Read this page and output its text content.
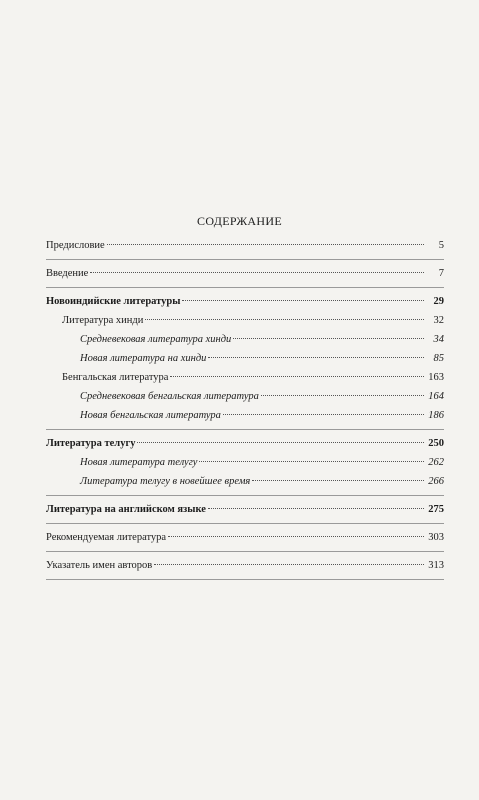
СОДЕРЖАНИЕ
Предисловие	5
Введение	7
Новоиндийские литературы	29
Литература хинди	32
Средневековая литература хинди	34
Новая литература на хинди	85
Бенгальская литература	163
Средневековая бенгальская литература	164
Новая бенгальская литература	186
Литература телугу	250
Новая литература телугу	262
Литература телугу в новейшее время	266
Литература на английском языке	275
Рекомендуемая литература	303
Указатель имен авторов	313
